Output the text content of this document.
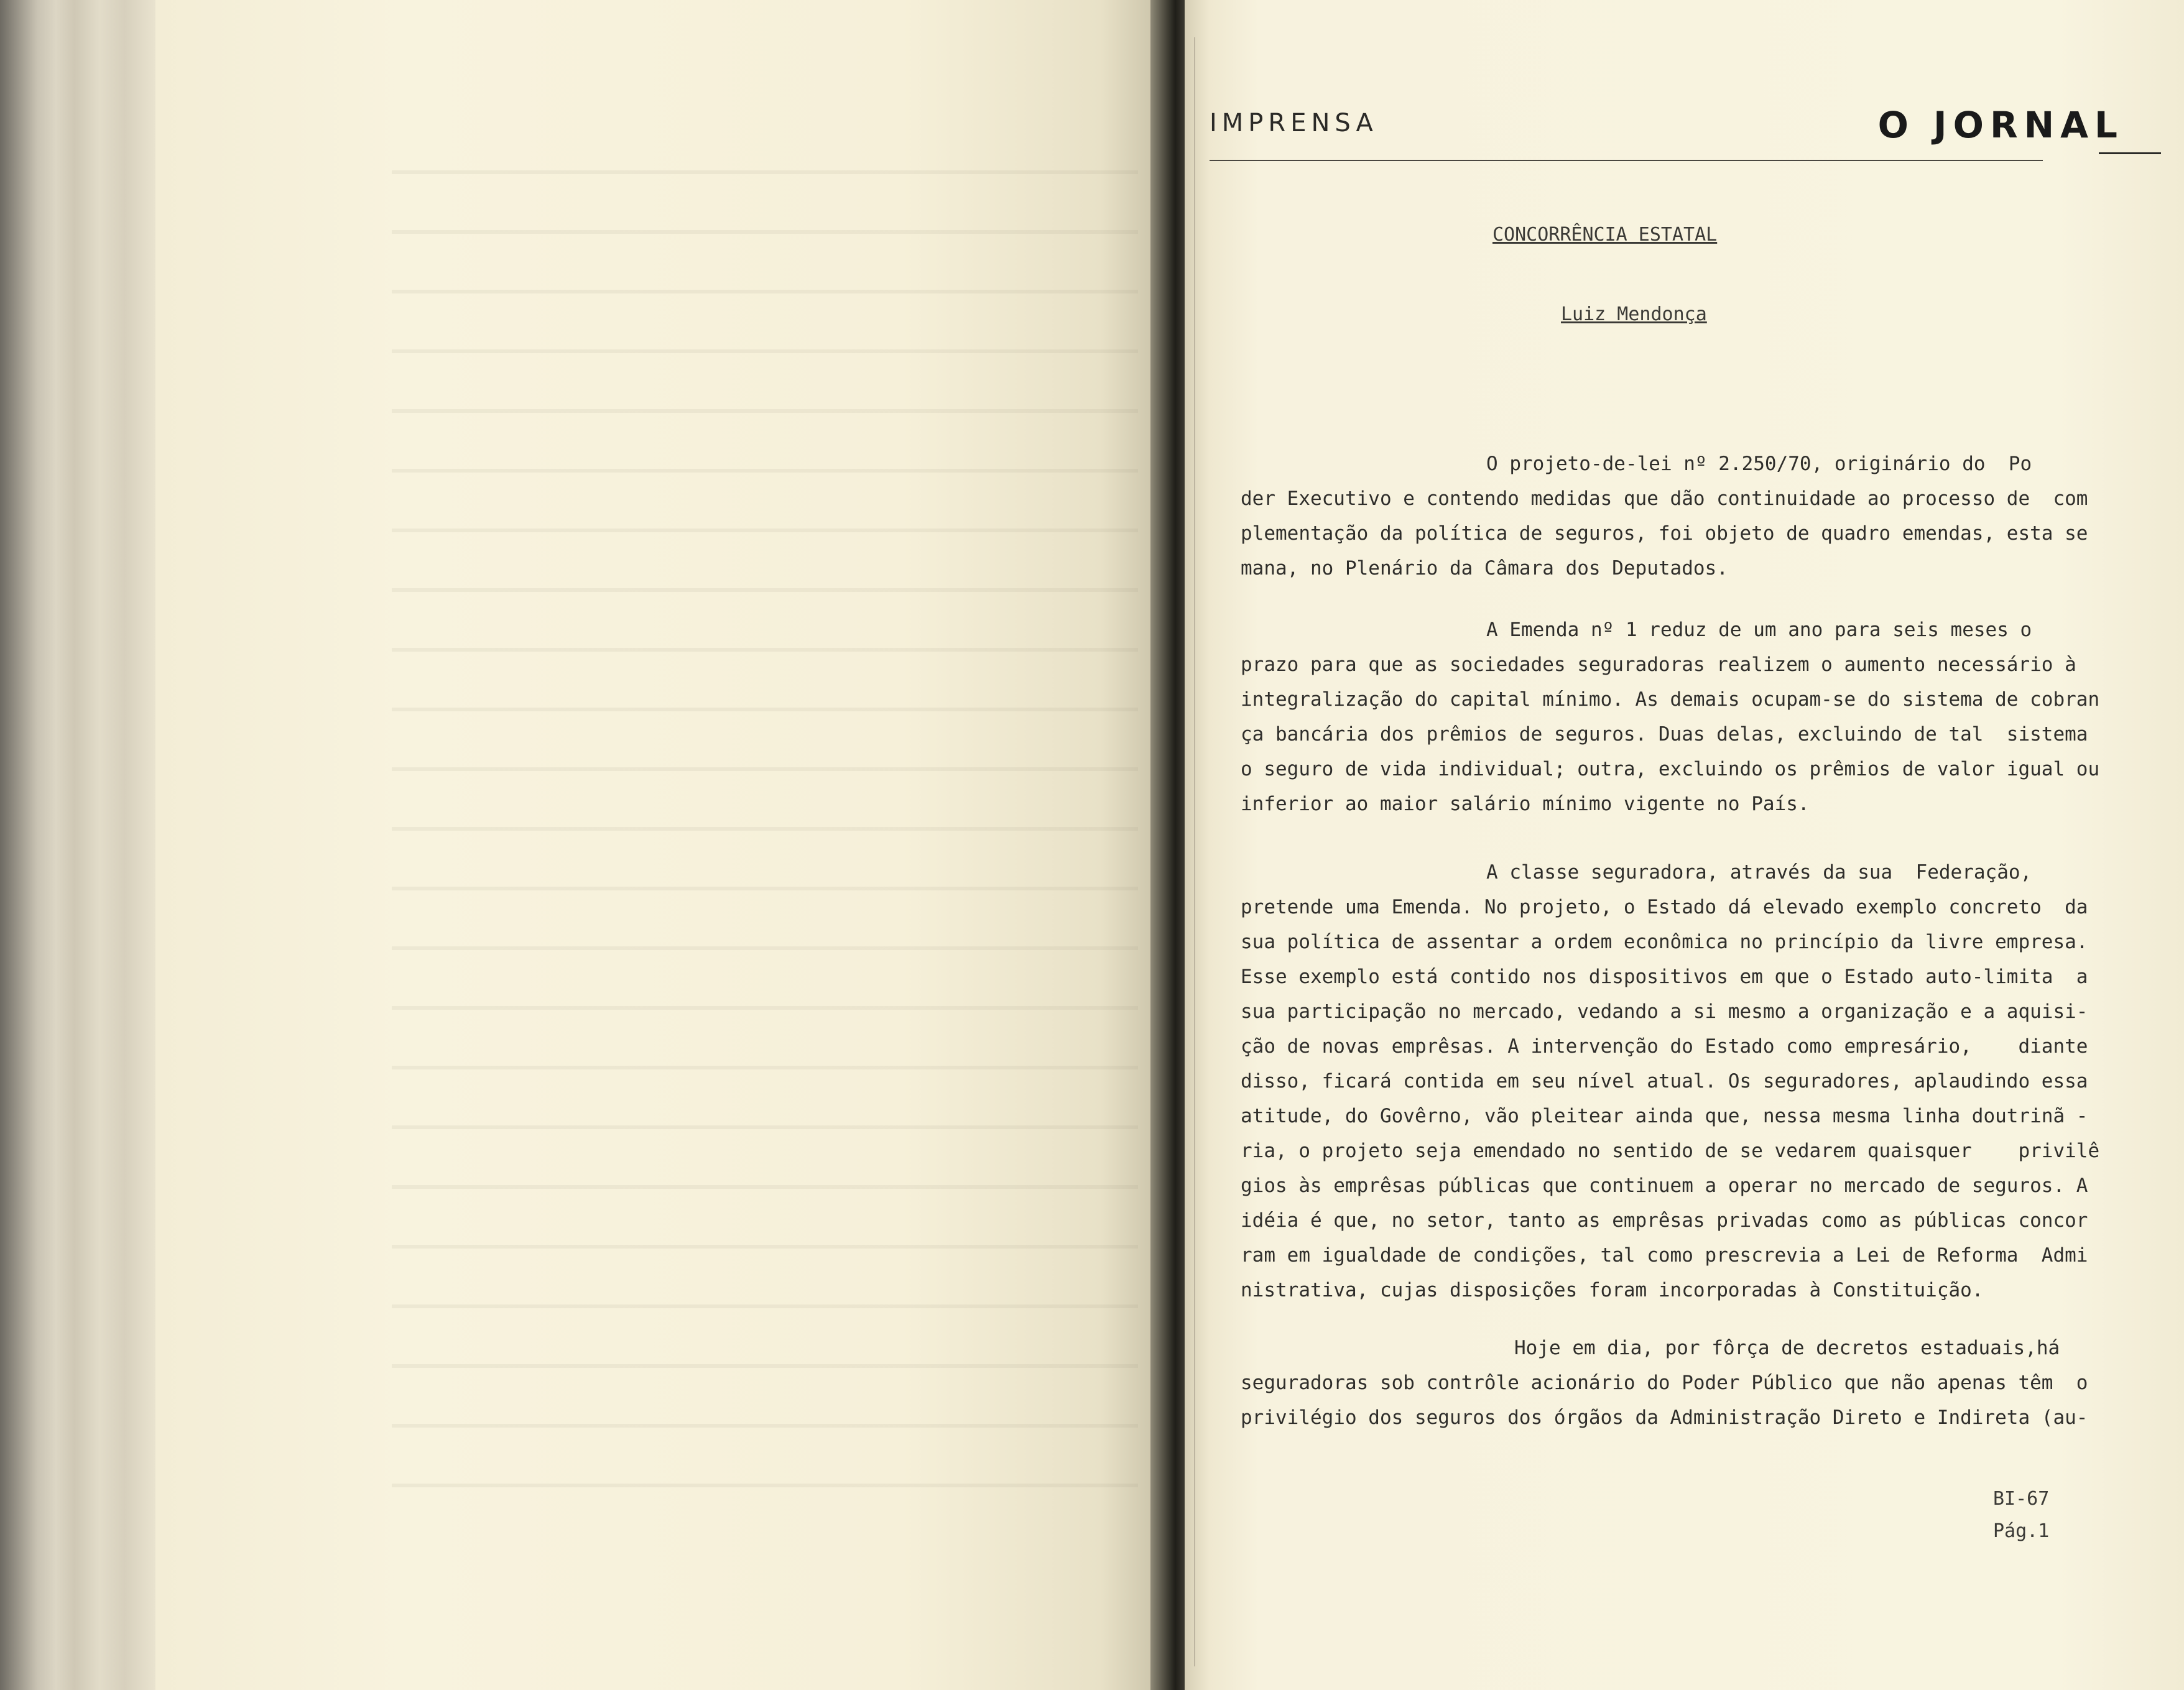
IMPRENSA	O JORNAL
CONCORRÊNCIA ESTATAL
Luiz Mendonça
O projeto-de-lei nº 2.250/70, originário do  Po
der Executivo e contendo medidas que dão continuidade ao processo de  com
plementação da política de seguros, foi objeto de quadro emendas, esta se
mana, no Plenário da Câmara dos Deputados.
A Emenda nº 1 reduz de um ano para seis meses o
prazo para que as sociedades seguradoras realizem o aumento necessário à
integralização do capital mínimo. As demais ocupam-se do sistema de cobran
ça bancária dos prêmios de seguros. Duas delas, excluindo de tal  sistema
o seguro de vida individual; outra, excluindo os prêmios de valor igual ou
inferior ao maior salário mínimo vigente no País.
A classe seguradora, através da sua  Federação,
pretende uma Emenda. No projeto, o Estado dá elevado exemplo concreto  da
sua política de assentar a ordem econômica no princípio da livre empresa.
Esse exemplo está contido nos dispositivos em que o Estado auto-limita  a
sua participação no mercado, vedando a si mesmo a organização e a aquisi-
ção de novas emprêsas. A intervenção do Estado como empresário,    diante
disso, ficará contida em seu nível atual. Os seguradores, aplaudindo essa
atitude, do Govêrno, vão pleitear ainda que, nessa mesma linha doutrinã -
ria, o projeto seja emendado no sentido de se vedarem quaisquer    privilê
gios às emprêsas públicas que continuem a operar no mercado de seguros. A
idéia é que, no setor, tanto as emprêsas privadas como as públicas concor
ram em igualdade de condições, tal como prescrevia a Lei de Reforma  Admi
nistrativa, cujas disposições foram incorporadas à Constituição.
Hoje em dia, por fôrça de decretos estaduais,há
seguradoras sob contrôle acionário do Poder Público que não apenas têm  o
privilégio dos seguros dos órgãos da Administração Direto e Indireta (au-
BI-67
Pág.1
